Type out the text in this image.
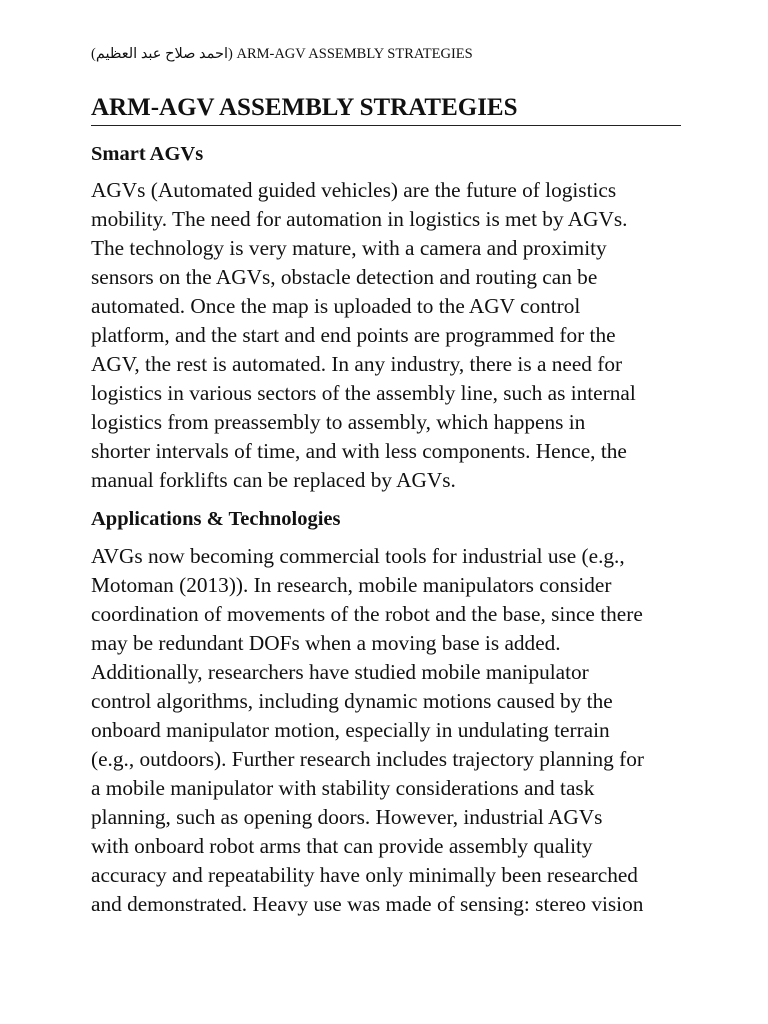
(احمد صلاح عبد العظيم) ARM-AGV ASSEMBLY STRATEGIES
ARM-AGV ASSEMBLY STRATEGIES
Smart AGVs

AGVs (Automated guided vehicles) are the future of logistics
mobility. The need for automation in logistics is met by AGVs.
The technology is very mature, with a camera and proximity
sensors on the AGVs, obstacle detection and routing can be
automated. Once the map is uploaded to the AGV control
platform, and the start and end points are programmed for the
AGV, the rest is automated. In any industry, there is a need for
logistics in various sectors of the assembly line, such as internal
logistics from preassembly to assembly, which happens in
shorter intervals of time, and with less components. Hence, the
manual forklifts can be replaced by AGVs.

Applications & Technologies

AVGs now becoming commercial tools for industrial use (e.g.,
Motoman (2013)). In research, mobile manipulators consider
coordination of movements of the robot and the base, since there
may be redundant DOFs when a moving base is added.
Additionally, researchers have studied mobile manipulator
control algorithms, including dynamic motions caused by the
onboard manipulator motion, especially in undulating terrain
(e.g., outdoors). Further research includes trajectory planning for
a mobile manipulator with stability considerations and task
planning, such as opening doors. However, industrial AGVs
with onboard robot arms that can provide assembly quality
accuracy and repeatability have only minimally been researched
and demonstrated. Heavy use was made of sensing: stereo vision
